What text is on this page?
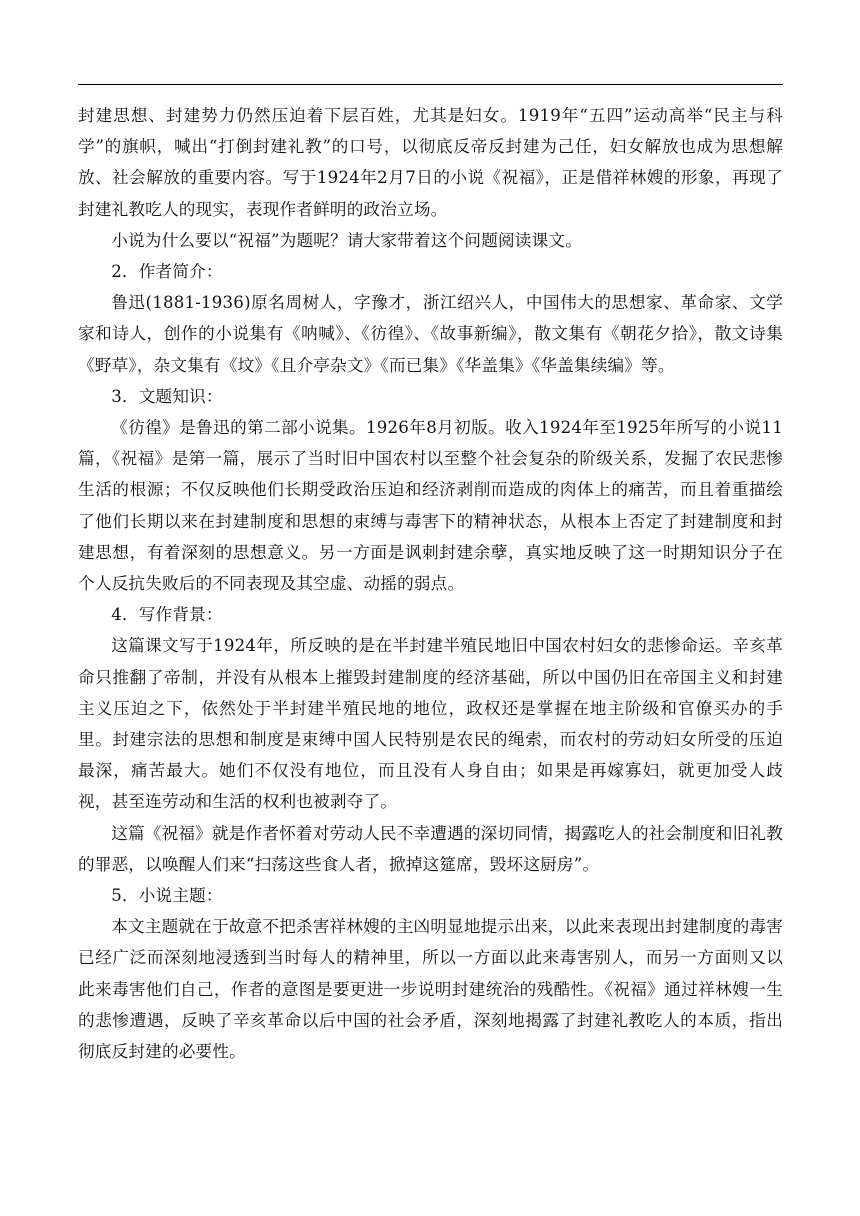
封建思想、封建势力仍然压迫着下层百姓，尤其是妇女。1919年“五四”运动高举“民主与科学”的旗帜，喊出“打倒封建礼教”的口号，以彻底反帝反封建为己任，妇女解放也成为思想解放、社会解放的重要内容。写于1924年2月7日的小说《祝福》，正是借祥林嫂的形象，再现了封建礼教吃人的现实，表现作者鲜明的政治立场。

小说为什么要以“祝福”为题呢？请大家带着这个问题阅读课文。

2．作者简介：

鲁迅(1881-1936)原名周树人，字豫才，浙江绍兴人，中国伟大的思想家、革命家、文学家和诗人，创作的小说集有《呐喊》、《彷徨》、《故事新编》，散文集有《朝花夕拾》，散文诗集《野草》，杂文集有《坟》《且介亭杂文》《而已集》《华盖集》《华盖集续编》等。

3．文题知识：

《彷徨》是鲁迅的第二部小说集。1926年8月初版。收入1924年至1925年所写的小说11篇，《祝福》是第一篇，展示了当时旧中国农村以至整个社会复杂的阶级关系，发掘了农民悲惨生活的根源；不仅反映他们长期受政治压迫和经济剥削而造成的肉体上的痛苦，而且着重描绘了他们长期以来在封建制度和思想的束缚与毒害下的精神状态，从根本上否定了封建制度和封建思想，有着深刻的思想意义。另一方面是讽刺封建余孽，真实地反映了这一时期知识分子在个人反抗失败后的不同表现及其空虚、动摇的弱点。

4．写作背景：

这篇课文写于1924年，所反映的是在半封建半殖民地旧中国农村妇女的悲惨命运。辛亥革命只推翻了帝制，并没有从根本上摧毁封建制度的经济基础，所以中国仍旧在帝国主义和封建主义压迫之下，依然处于半封建半殖民地的地位，政权还是掌握在地主阶级和官僚买办的手里。封建宗法的思想和制度是束缚中国人民特别是农民的绳索，而农村的劳动妇女所受的压迫最深，痛苦最大。她们不仅没有地位，而且没有人身自由；如果是再嫁寡妇，就更加受人歧视，甚至连劳动和生活的权利也被剥夺了。

这篇《祝福》就是作者怀着对劳动人民不幸遭遇的深切同情，揭露吃人的社会制度和旧礼教的罪恶，以唤醒人们来“扫荡这些食人者，掀掉这筵席，毁坏这厨房”。

5．小说主题：

本文主题就在于故意不把杀害祥林嫂的主凶明显地提示出来，以此来表现出封建制度的毒害已经广泛而深刻地浸透到当时每人的精神里，所以一方面以此来毒害别人，而另一方面则又以此来毒害他们自己，作者的意图是要更进一步说明封建统治的残酷性。《祝福》通过祥林嫂一生的悲惨遭遇，反映了辛亥革命以后中国的社会矛盾，深刻地揭露了封建礼教吃人的本质，指出彻底反封建的必要性。
